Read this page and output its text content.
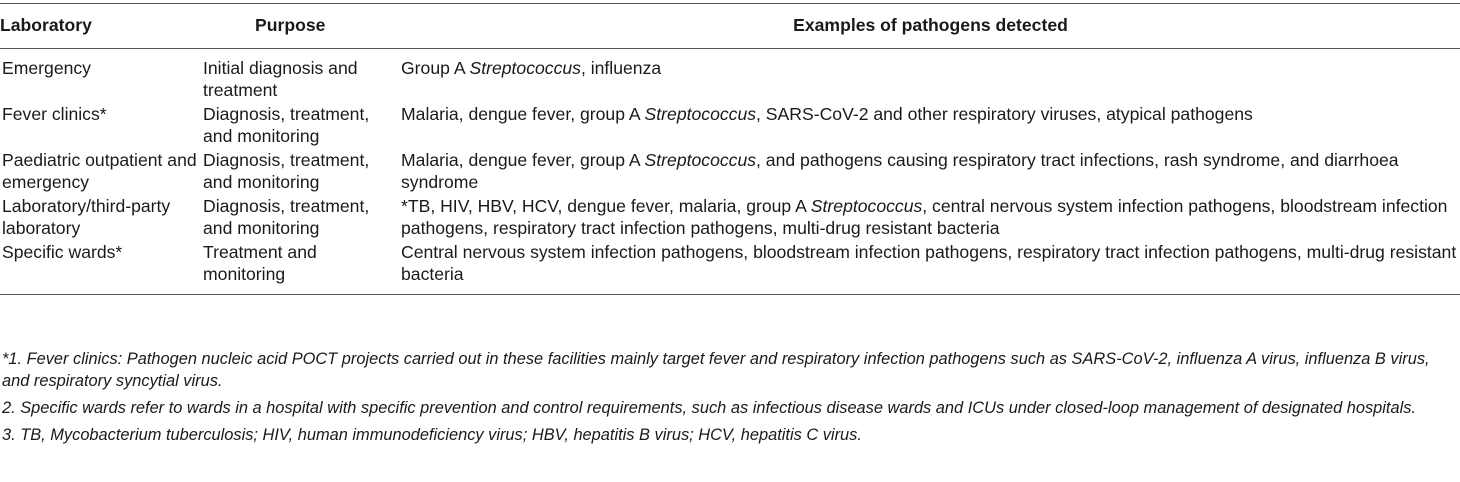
Laboratory	Purpose	Examples of pathogens detected
Emergency	Initial diagnosis and treatment	Group A Streptococcus, influenza
Fever clinics*	Diagnosis, treatment, and monitoring	Malaria, dengue fever, group A Streptococcus, SARS-CoV-2 and other respiratory viruses, atypical pathogens
Paediatric outpatient and emergency	Diagnosis, treatment, and monitoring	Malaria, dengue fever, group A Streptococcus, and pathogens causing respiratory tract infections, rash syndrome, and diarrhoea syndrome
Laboratory/third-party laboratory	Diagnosis, treatment, and monitoring	*TB, HIV, HBV, HCV, dengue fever, malaria, group A Streptococcus, central nervous system infection pathogens, bloodstream infection pathogens, respiratory tract infection pathogens, multi-drug resistant bacteria
Specific wards*	Treatment and monitoring	Central nervous system infection pathogens, bloodstream infection pathogens, respiratory tract infection pathogens, multi-drug resistant bacteria

*1. Fever clinics: Pathogen nucleic acid POCT projects carried out in these facilities mainly target fever and respiratory infection pathogens such as SARS-CoV-2, influenza A virus, influenza B virus, and respiratory syncytial virus.

2. Specific wards refer to wards in a hospital with specific prevention and control requirements, such as infectious disease wards and ICUs under closed-loop management of designated hospitals.

3. TB, Mycobacterium tuberculosis; HIV, human immunodeficiency virus; HBV, hepatitis B virus; HCV, hepatitis C virus.
